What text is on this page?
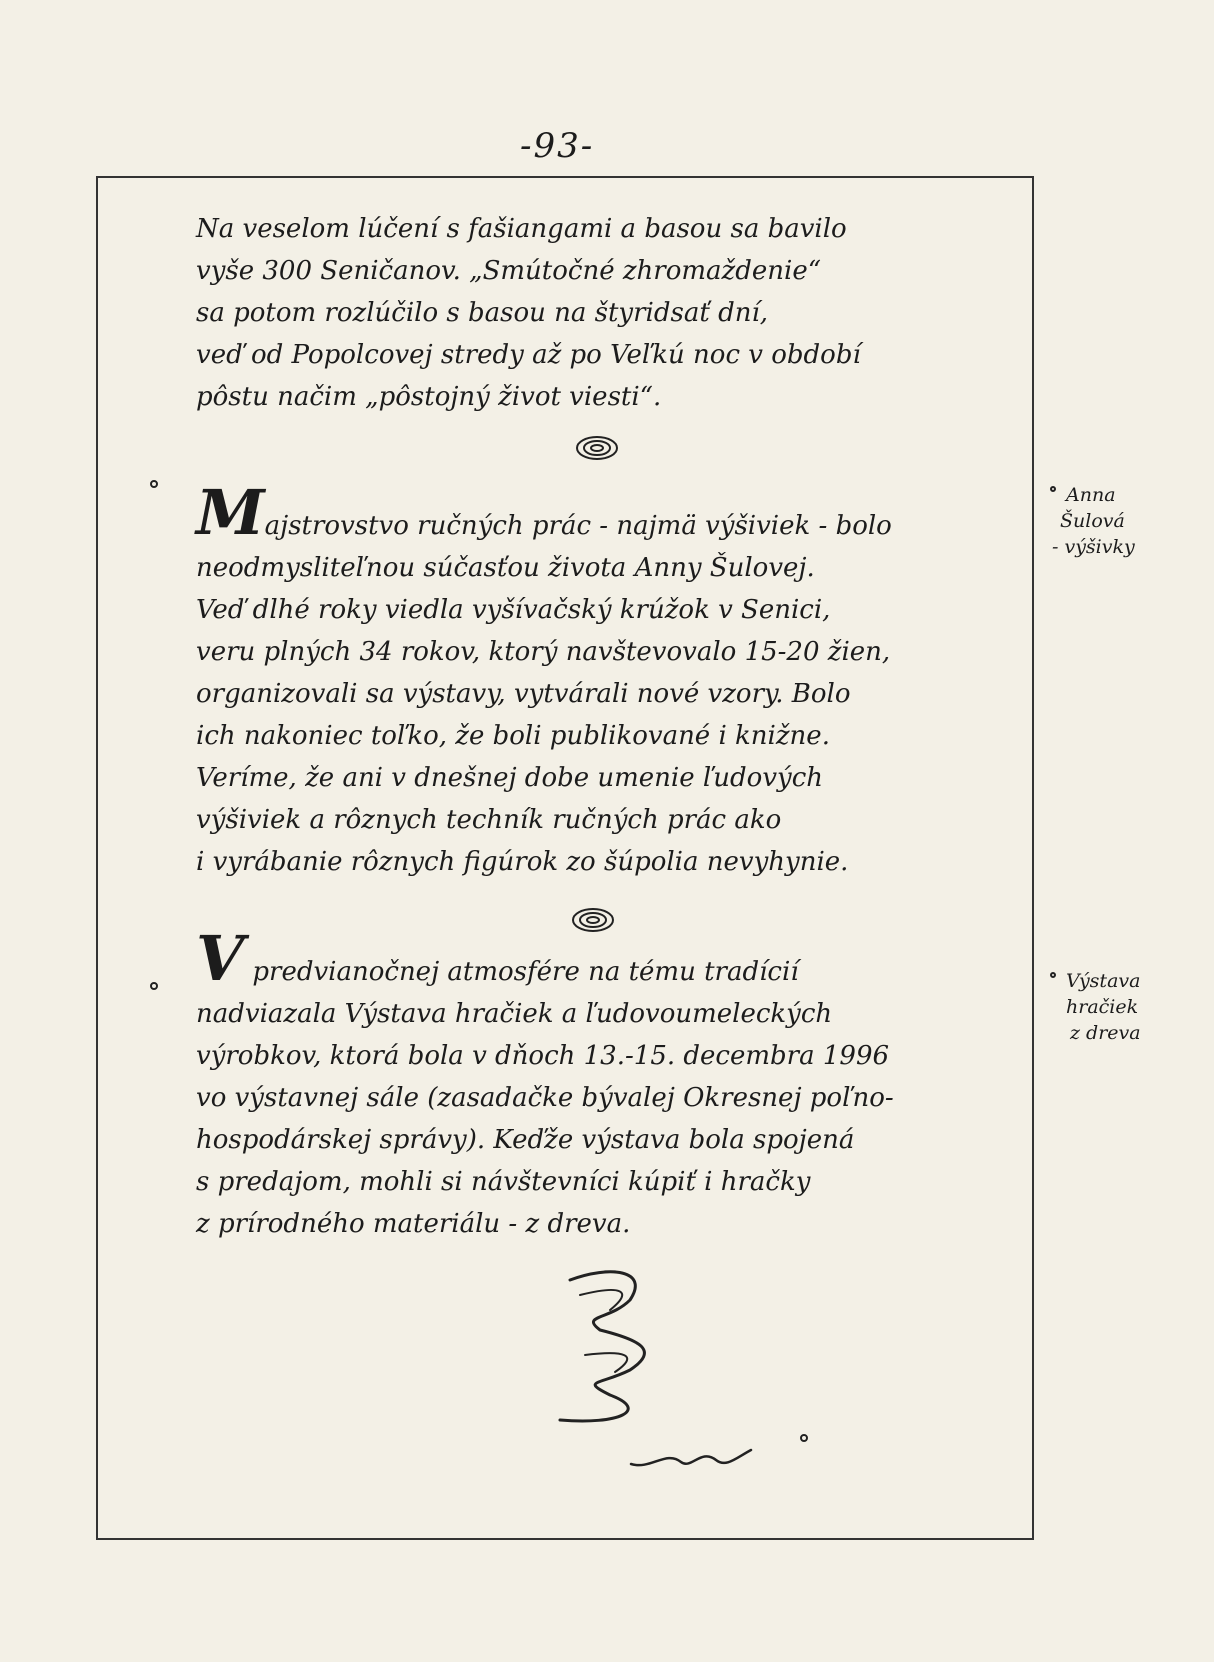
-93-
Na veselom lúčení s fašiangami a basou sa bavilo
vyše 300 Seničanov. „Smútočné zhromaždenie“
sa potom rozlúčilo s basou na štyridsať dní,
veď od Popolcovej stredy až po Veľkú noc v období
pôstu načim „pôstojný život viesti“.
Majstrovstvo ručných prác - najmä výšiviek - bolo
neodmysliteľnou súčasťou života Anny Šulovej.
Veď dlhé roky viedla vyšívačský krúžok v Senici,
veru plných 34 rokov, ktorý navštevovalo 15-20 žien,
organizovali sa výstavy, vytvárali nové vzory. Bolo
ich nakoniec toľko, že boli publikované i knižne.
Veríme, že ani v dnešnej dobe umenie ľudových
výšiviek a rôznych techník ručných prác ako
i vyrábanie rôznych figúrok zo šúpolia nevyhynie.
V predvianočnej atmosfére na tému tradícií
nadviazala Výstava hračiek a ľudovoumeleckých
výrobkov, ktorá bola v dňoch 13.-15. decembra 1996
vo výstavnej sále (zasadačke bývalej Okresnej poľno-
hospodárskej správy). Keďže výstava bola spojená
s predajom, mohli si návštevníci kúpiť i hračky
z prírodného materiálu - z dreva.
Anna
Šulová
- výšivky
Výstava
hračiek
z dreva
